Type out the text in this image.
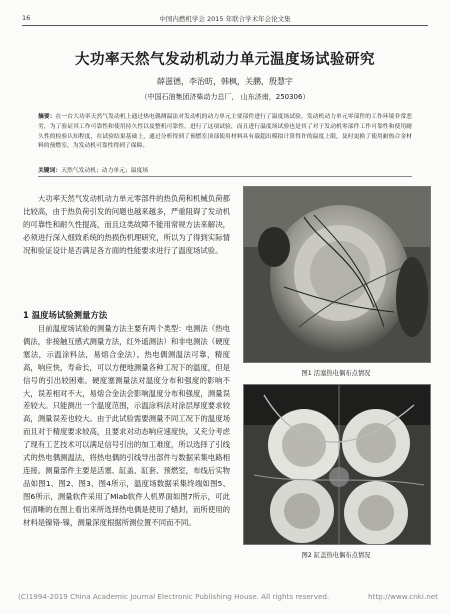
16	中国内燃机学会 2015 年联合学术年会论文集
大功率天然气发动机动力单元温度场试验研究
薛滋德，李治昉，韩枫，关鹏，殷慧宇
（中国石油集团济柴动力总厂， 山东济南，250306）
摘要：在一台大功率天然气发动机上通过热电偶测温法对发动机的动力单元主要部件进行了温度场试验，发动机动力单元零部件的工作环境非常恶劣，为了验证其工作可靠性和使用持久性以及整机可靠性，进行了这项试验，而且进行温度场试验也是其了对于发动机零部件工作可靠性和使用耐久性的检验认知程度，在试验结果基础上，通过分析得到了预燃室顶部使用材料具有载超出模拟计算得许的温度上限，及时更换了使用耐热合金材料的预燃室，为发动机可靠性得到了保障。
关键词：天然气发动机；动力单元；温度场
大功率天然气发动机动力单元零部件的热负荷和机械负荷都比较高，由于热负荷引发的问题也越来越多，严重阻碍了发动机的可靠性和耐久性提高，而且这类故障不能用常规方法来解决，必须进行深入细致系统的热损伤机理研究，所以为了得到实际情况和验证设计是否满足各方面的性能要求进行了温度场试验。
1 温度场试验测量方法
目前温度场试验的测量方法主要有两个类型：电测法（热电偶法，非接触互感式测量方法，红外遥测法）和非电测法（硬度塞法，示温涂料法，易熔合金法）。热电偶测温法可靠，精度高，响应快，寿命长，可以方便地测量各种工况下的温度，但是信号的引出较困难。硬度塞测量法对温度分布和强度的影响不大，误差相对不大，易熔合金法会影响温度分布和强度，测量误差较大。只能测出一个温度范围，示温涂料法对涂层厚度要求较高，测量误差也较大。由于此试验需要测量不同工况下的温度场而且对于精度要求较高，且要求对动态响应速度快，又充分考虑了现有工艺技术可以满足信号引出的加工难度，所以选择了引线式的热电偶测温法，将热电偶的引线导出部件与数据采集电路相连接。测量部件主要是活塞、缸盖、缸套、预燃室，布线后实物品如图1、图2、图3、图4所示，温度场数据采集终端如图5、图6所示，测量软件采用了Mlab软件人机界面如图7所示，可此恒清晰的在图上看出来所选择热电偶是使用了蜡封，而所使用的材料是镍铬-镍，测量深度根据所测位置不同而不同。
图1 活塞热电偶布点情况
图2 缸盖热电偶布点情况
(C)1994-2019 China Academic Journal Electronic Publishing House. All rights reserved.	http://www.cnki.net
